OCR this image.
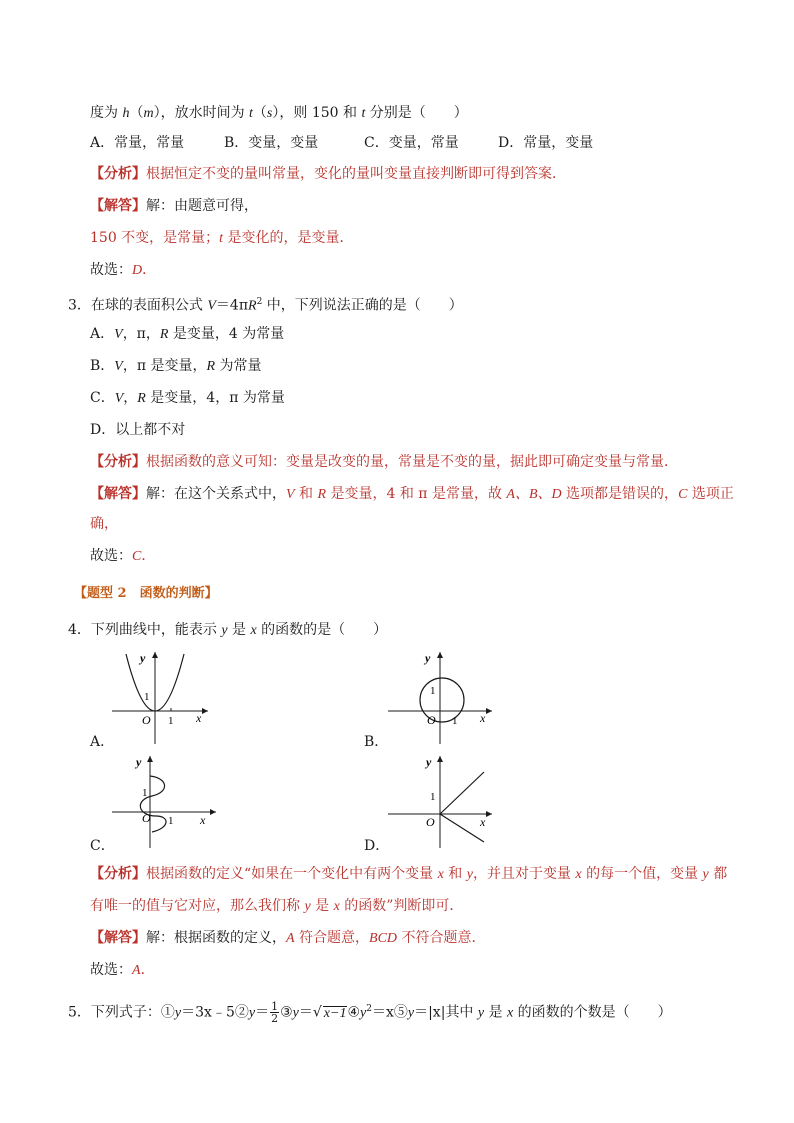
度为 h（m），放水时间为 t（s），则 150 和 t 分别是（　　）
A．常量，常量	B．变量，变量	C．变量，常量	D．常量，变量
【分析】根据恒定不变的量叫常量，变化的量叫变量直接判断即可得到答案．
【解答】解：由题意可得，
150 不变，是常量；t 是变化的，是变量．
故选：D．
3．在球的表面积公式 $V=4\pi R^2$ 中，下列说法正确的是（　　）
A．V，π，R 是变量，4 为常量
B．V，π 是变量，R 为常量
C．V，R 是变量，4，π 为常量
D．以上都不对
【分析】根据函数的意义可知：变量是改变的量，常量是不变的量，据此即可确定变量与常量．
【解答】解：在这个关系式中，V 和 R 是变量，4 和 π 是常量，故 A、B、D 选项都是错误的，C 选项正
确，
故选：C．
【题型 2　函数的判断】
4．下列曲线中，能表示 y 是 x 的函数的是（　　）
A．
y
x
O 1
1
B．
y
x
O 1
1
C．
y
x
O 1
1
D．
y
x
O
1
【分析】根据函数的定义“如果在一个变化中有两个变量 x 和 y，并且对于变量 x 的每一个值，变量 y 都
有唯一的值与它对应，那么我们称 y 是 x 的函数”判断即可．
【解答】解：根据函数的定义，A 符合题意，BCD 不符合题意．
故选：A．
5．下列式子：①y＝3x﹣5②y＝ $\frac{1}{2}$ ③y＝√ $x-1④y^2=x⑤y=|x|$其中 y 是 x 的函数的个数是（　　）
